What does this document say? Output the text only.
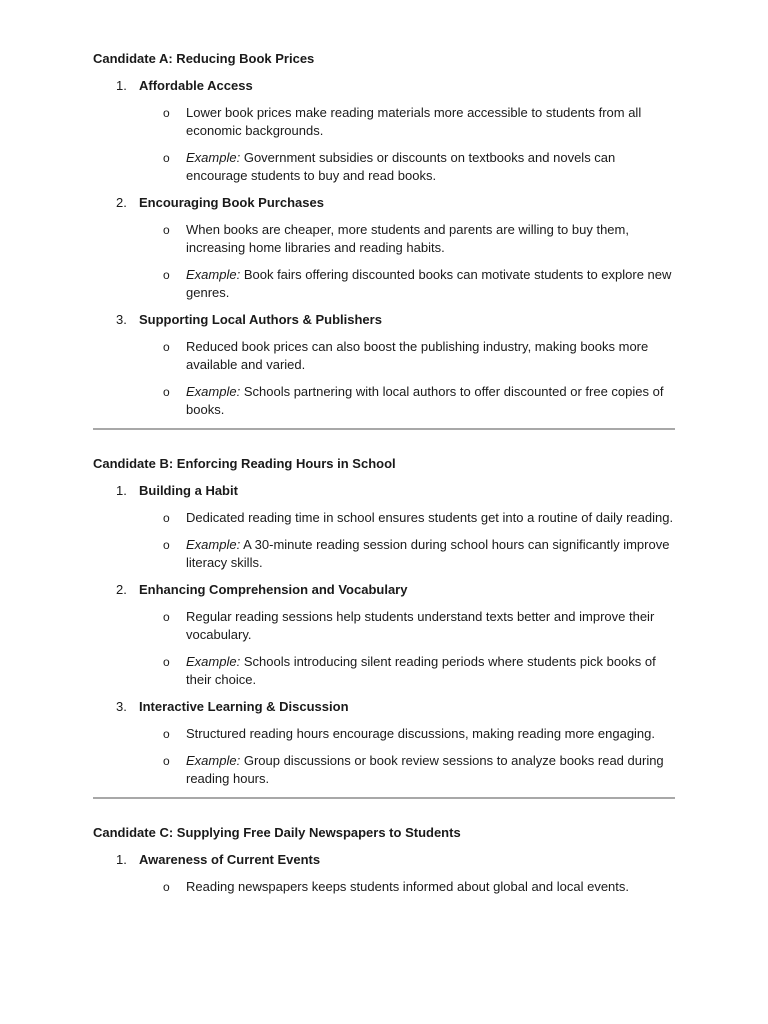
Candidate A: Reducing Book Prices
1. Affordable Access
o	Lower book prices make reading materials more accessible to students from all economic backgrounds.
o	Example: Government subsidies or discounts on textbooks and novels can encourage students to buy and read books.
2. Encouraging Book Purchases
o	When books are cheaper, more students and parents are willing to buy them, increasing home libraries and reading habits.
o	Example: Book fairs offering discounted books can motivate students to explore new genres.
3. Supporting Local Authors & Publishers
o	Reduced book prices can also boost the publishing industry, making books more available and varied.
o	Example: Schools partnering with local authors to offer discounted or free copies of books.
Candidate B: Enforcing Reading Hours in School
1. Building a Habit
o	Dedicated reading time in school ensures students get into a routine of daily reading.
o	Example: A 30-minute reading session during school hours can significantly improve literacy skills.
2. Enhancing Comprehension and Vocabulary
o	Regular reading sessions help students understand texts better and improve their vocabulary.
o	Example: Schools introducing silent reading periods where students pick books of their choice.
3. Interactive Learning & Discussion
o	Structured reading hours encourage discussions, making reading more engaging.
o	Example: Group discussions or book review sessions to analyze books read during reading hours.
Candidate C: Supplying Free Daily Newspapers to Students
1. Awareness of Current Events
o	Reading newspapers keeps students informed about global and local events.
